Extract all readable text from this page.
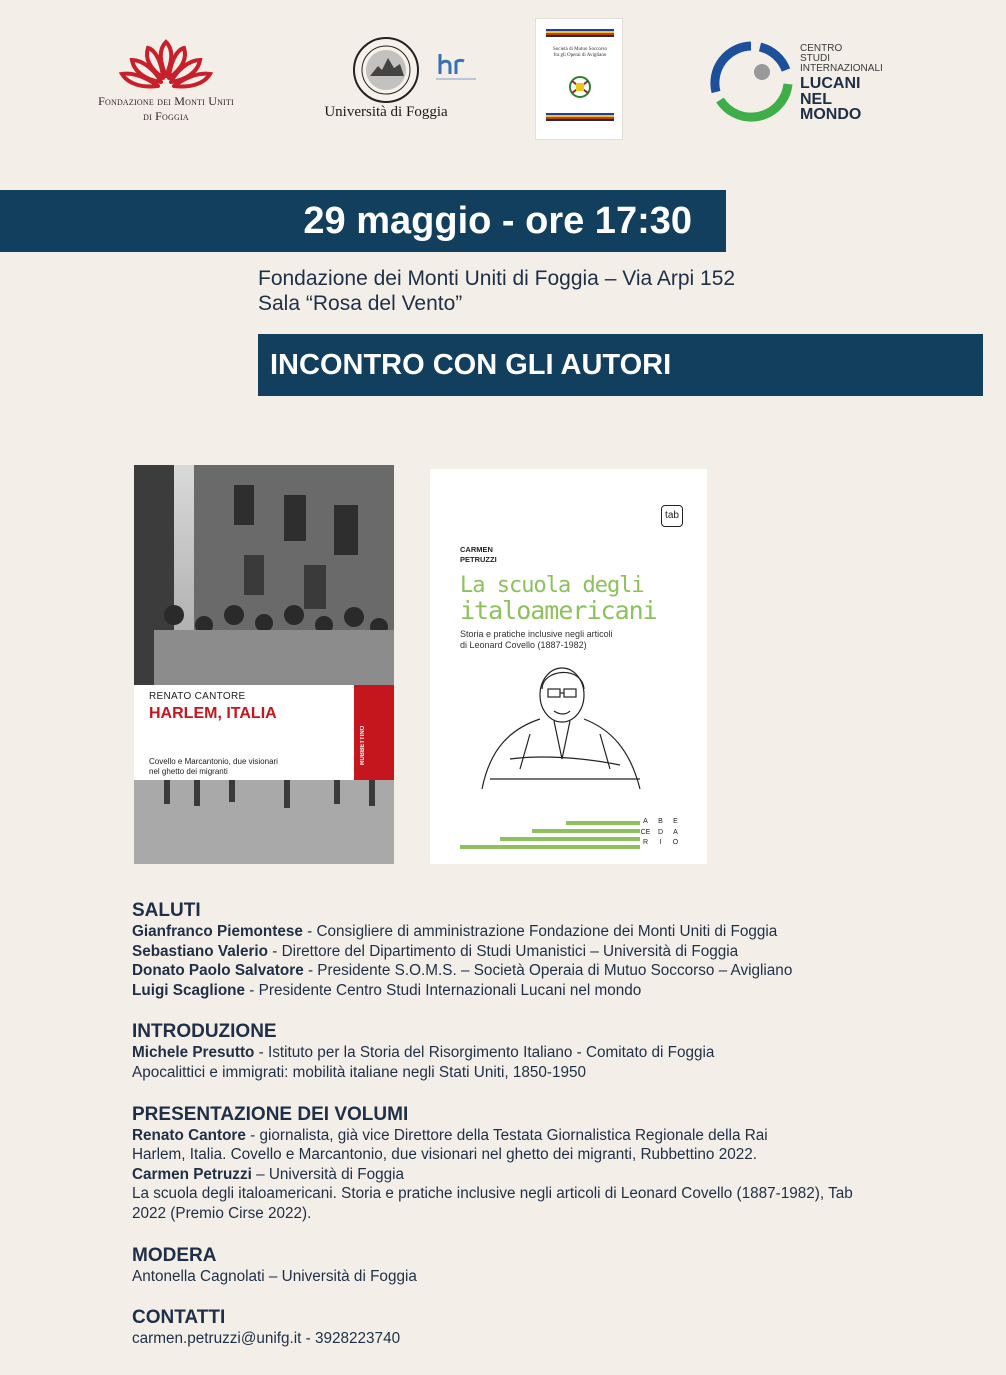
Fondazione dei Monti Uniti
di Foggia	Università di Foggia
Società di Mutuo Soccorso
fra gli Operai di Avigliano
CENTRO
STUDI
INTERNAZIONALI
LUCANI
NEL
MONDO
29 maggio - ore 17:30
Fondazione dei Monti Uniti di Foggia – Via Arpi 152
Sala “Rosa del Vento”
INCONTRO CON GLI AUTORI
RENATO CANTORE
HARLEM, ITALIA
Covello e Marcantonio, due visionari
nel ghetto dei migranti
RUBBETTINO
tab
CARMEN
PETRUZZI
La scuola degli
italoamericani
Storia e pratiche inclusive negli articoli
di Leonard Covello (1887-1982)
A	B	E
CE	D	A
R	I	O
SALUTI
Gianfranco Piemontese - Consigliere di amministrazione Fondazione dei Monti Uniti di Foggia
Sebastiano Valerio - Direttore del Dipartimento di Studi Umanistici – Università di Foggia
Donato Paolo Salvatore - Presidente S.O.M.S. – Società Operaia di Mutuo Soccorso – Avigliano
Luigi Scaglione - Presidente Centro Studi Internazionali Lucani nel mondo
INTRODUZIONE
Michele Presutto - Istituto per la Storia del Risorgimento Italiano - Comitato di Foggia
Apocalittici e immigrati: mobilità italiane negli Stati Uniti, 1850-1950
PRESENTAZIONE DEI VOLUMI
Renato Cantore - giornalista, già vice Direttore della Testata Giornalistica Regionale della Rai
Harlem, Italia. Covello e Marcantonio, due visionari nel ghetto dei migranti, Rubbettino 2022.
Carmen Petruzzi – Università di Foggia
La scuola degli italoamericani. Storia e pratiche inclusive negli articoli di Leonard Covello (1887-1982), Tab
2022 (Premio Cirse 2022).
MODERA
Antonella Cagnolati – Università di Foggia
CONTATTI
carmen.petruzzi@unifg.it - 3928223740
